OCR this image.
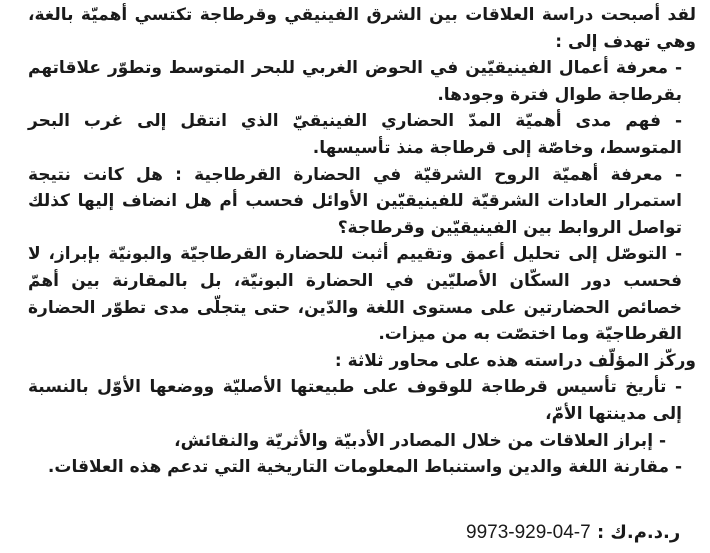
لقد أصبحت دراسة العلاقات بين الشرق الفينيقي وقرطاجة تكتسي أهميّة بالغة، وهي تهدف إلى :

- معرفة أعمال الفينيقيّين في الحوض الغربي للبحر المتوسط وتطوّر علاقاتهم بقرطاجة طوال فترة وجودها.

- فهم مدى أهميّة المدّ الحضاري الفينيقيّ الذي انتقل إلى غرب البحر المتوسط، وخاصّة إلى قرطاجة منذ تأسيسها.

- معرفة أهميّة الروح الشرقيّة في الحضارة القرطاجية : هل كانت نتيجة استمرار العادات الشرقيّة للفينيقيّين الأوائل فحسب أم هل انضاف إليها كذلك تواصل الروابط بين الفينيقيّين وقرطاجة؟

- التوصّل إلى تحليل أعمق وتقييم أثبت للحضارة القرطاجيّة والبونيّة بإبراز، لا فحسب دور السكّان الأصليّين في الحضارة البونيّة، بل بالمقارنة بين أهمّ خصائص الحضارتين على مستوى اللغة والدّين، حتى يتجلّى مدى تطوّر الحضارة القرطاجيّة وما اختصّت به من ميزات.

وركّز المؤلّف دراسته هذه على محاور ثلاثة :

- تأريخ تأسيس قرطاجة للوقوف على طبيعتها الأصليّة ووضعها الأوّل بالنسبة إلى مدينتها الأمّ،

- إبراز العلاقات من خلال المصادر الأدبيّة والأثريّة والنقائش،

- مقارنة اللغة والدين واستنباط المعلومات التاريخية التي تدعم هذه العلاقات.

ر.د.م.ك : 9973-929-04-7
